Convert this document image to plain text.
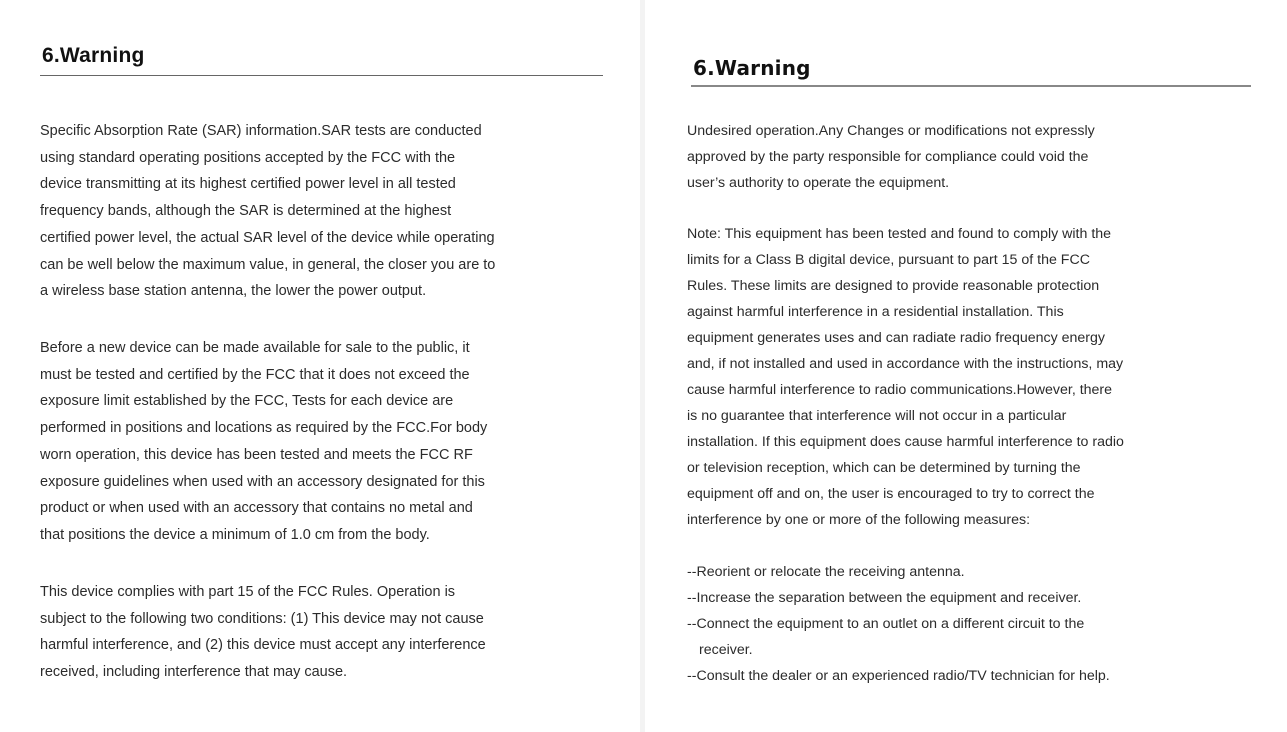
6.Warning

Specific Absorption Rate (SAR) information.SAR tests are conducted
using standard operating positions accepted by the FCC with the
device transmitting at its highest certified power level in all tested
frequency bands, although the SAR is determined at the highest
certified power level, the actual SAR level of the device while operating
can be well below the maximum value, in general, the closer you are to
a wireless base station antenna, the lower the power output.

Before a new device can be made available for sale to the public, it
must be tested and certified by the FCC that it does not exceed the
exposure limit established by the FCC, Tests for each device are
performed in positions and locations as required by the FCC.For body
worn operation, this device has been tested and meets the FCC RF
exposure guidelines when used with an accessory designated for this
product or when used with an accessory that contains no metal and
that positions the device a minimum of 1.0 cm from the body.

This device complies with part 15 of the FCC Rules. Operation is
subject to the following two conditions: (1) This device may not cause
harmful interference, and (2) this device must accept any interference
received, including interference that may cause.

6.Warning

Undesired operation.Any Changes or modifications not expressly
approved by the party responsible for compliance could void the
user’s authority to operate the equipment.

Note: This equipment has been tested and found to comply with the
limits for a Class B digital device, pursuant to part 15 of the FCC
Rules. These limits are designed to provide reasonable protection
against harmful interference in a residential installation. This
equipment generates uses and can radiate radio frequency energy
and, if not installed and used in accordance with the instructions, may
cause harmful interference to radio communications.However, there
is no guarantee that interference will not occur in a particular
installation. If this equipment does cause harmful interference to radio
or television reception, which can be determined by turning the
equipment off and on, the user is encouraged to try to correct the
interference by one or more of the following measures:

--Reorient or relocate the receiving antenna.
--Increase the separation between the equipment and receiver.
--Connect the equipment to an outlet on a different circuit to the
receiver.
--Consult the dealer or an experienced radio/TV technician for help.
